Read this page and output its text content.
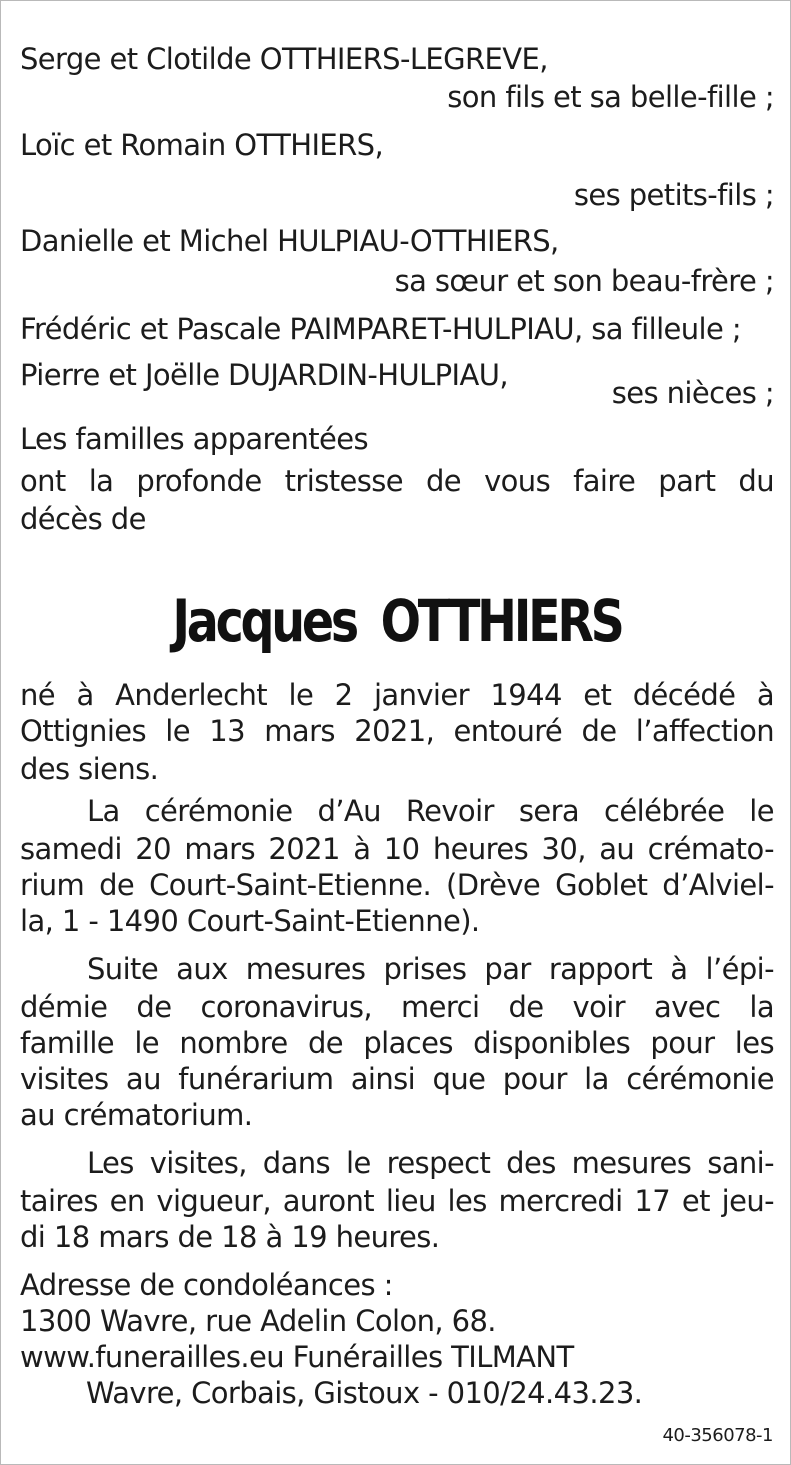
Serge et Clotilde OTTHIERS-LEGREVE,
son fils et sa belle-fille ;
Loïc et Romain OTTHIERS,
ses petits-fils ;
Danielle et Michel HULPIAU-OTTHIERS,
sa sœur et son beau-frère ;
Frédéric et Pascale PAIMPARET-HULPIAU, sa filleule ;
Pierre et Joëlle DUJARDIN-HULPIAU,
ses nièces ;
Les familles apparentées
ont la profonde tristesse de vous faire part du
décès de
Jacques OTTHIERS
né à Anderlecht le 2 janvier 1944 et décédé à
Ottignies le 13 mars 2021, entouré de l’affection
des siens.
La cérémonie d’Au Revoir sera célébrée le
samedi 20 mars 2021 à 10 heures 30, au crémato-
rium de Court-Saint-Etienne. (Drève Goblet d’Alviel-
la, 1 - 1490 Court-Saint-Etienne).
Suite aux mesures prises par rapport à l’épi-
démie de coronavirus, merci de voir avec la
famille le nombre de places disponibles pour les
visites au funérarium ainsi que pour la cérémonie
au crématorium.
Les visites, dans le respect des mesures sani-
taires en vigueur, auront lieu les mercredi 17 et jeu-
di 18 mars de 18 à 19 heures.
Adresse de condoléances :
1300 Wavre, rue Adelin Colon, 68.
www.funerailles.eu Funérailles TILMANT
Wavre, Corbais, Gistoux - 010/24.43.23.
40-356078-1
